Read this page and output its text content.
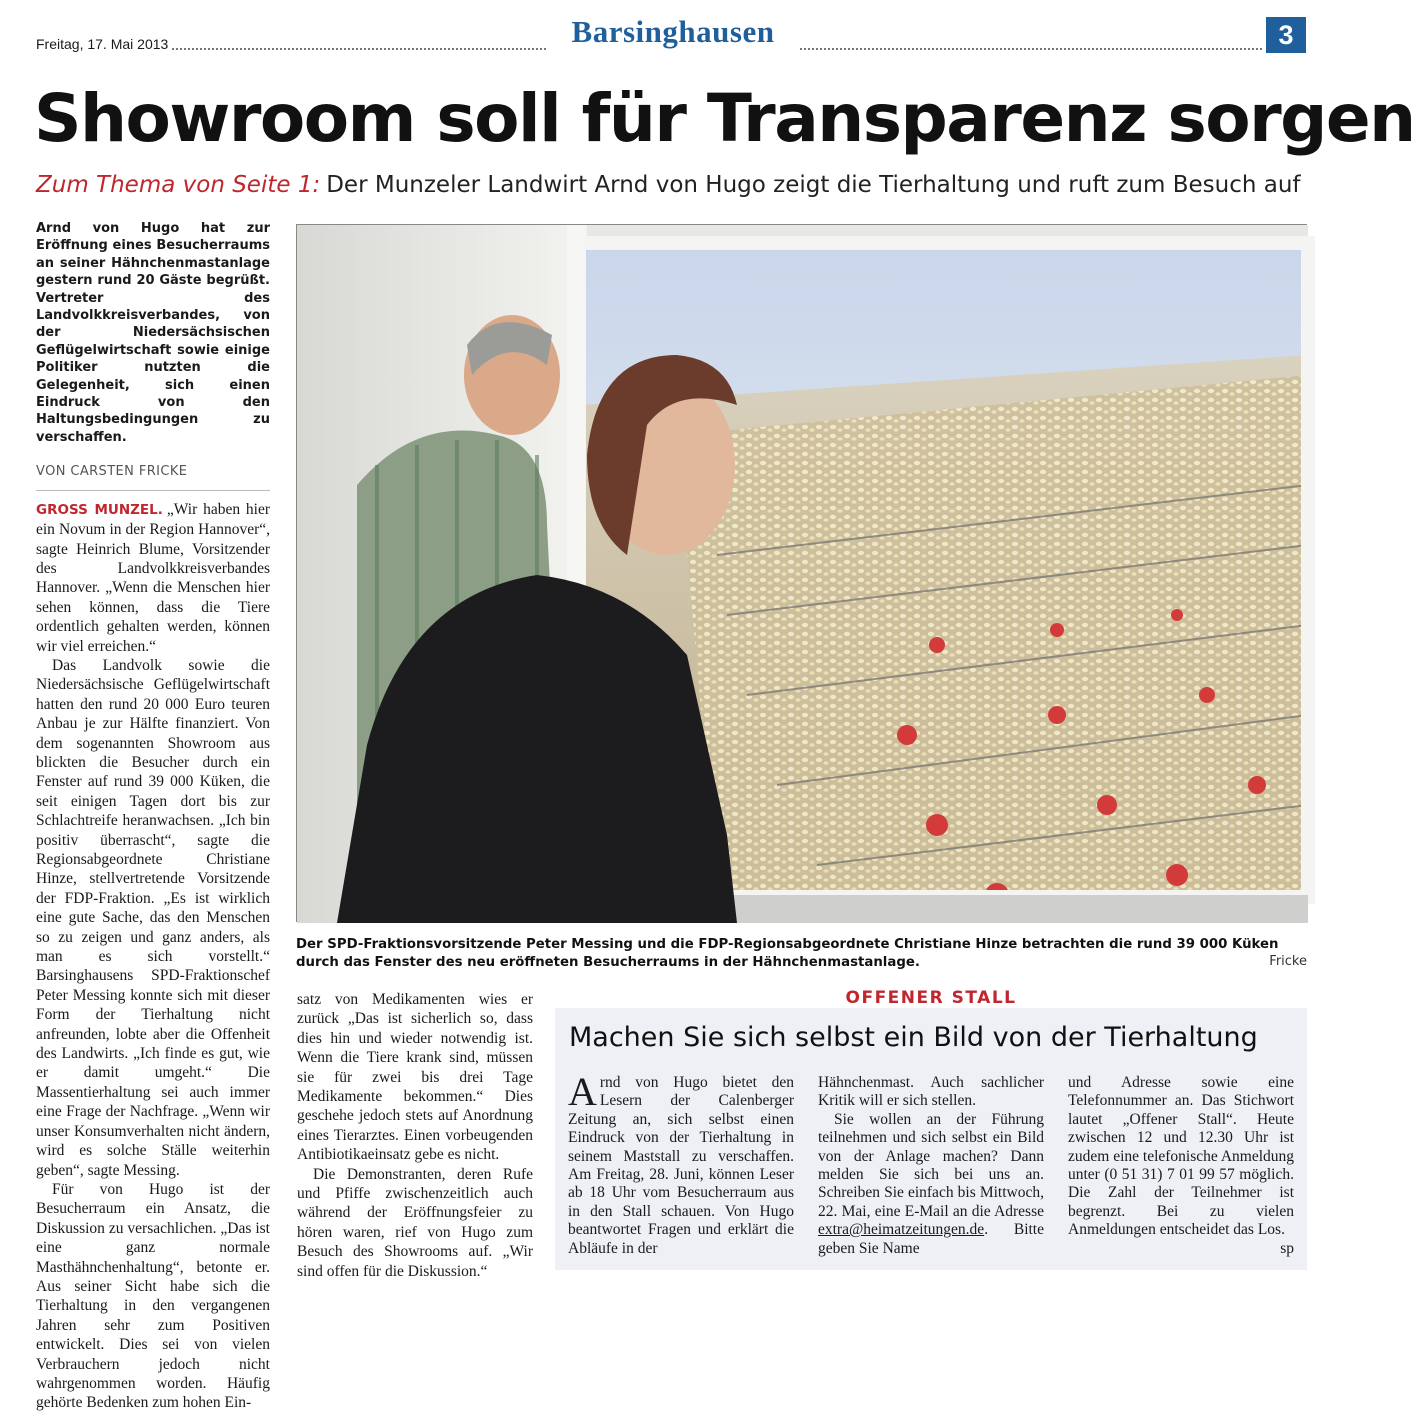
Freitag, 17. Mai 2013	Barsinghausen	3
Showroom soll für Transparenz sorgen
Zum Thema von Seite 1: Der Munzeler Landwirt Arnd von Hugo zeigt die Tierhaltung und ruft zum Besuch auf

Arnd von Hugo hat zur Eröffnung eines Besucherraums an seiner Hähnchenmastanlage gestern rund 20 Gäste begrüßt. Vertreter des Landvolkkreisverbandes, von der Niedersächsischen Geflügelwirtschaft sowie einige Politiker nutzten die Gelegenheit, sich einen Eindruck von den Haltungsbedingungen zu verschaffen.

VON CARSTEN FRICKE

GROSS MUNZEL. „Wir haben hier ein Novum in der Region Hannover“, sagte Heinrich Blume, Vorsitzender des Landvolkkreisverbandes Hannover. „Wenn die Menschen hier sehen können, dass die Tiere ordentlich gehalten werden, können wir viel erreichen.“

Das Landvolk sowie die Niedersächsische Geflügelwirtschaft hatten den rund 20 000 Euro teuren Anbau je zur Hälfte finanziert. Von dem sogenannten Showroom aus blickten die Besucher durch ein Fenster auf rund 39 000 Küken, die seit einigen Tagen dort bis zur Schlachtreife heranwachsen. „Ich bin positiv überrascht“, sagte die Regionsabgeordnete Christiane Hinze, stellvertretende Vorsitzende der FDP-Fraktion. „Es ist wirklich eine gute Sache, das den Menschen so zu zeigen und ganz anders, als man es sich vorstellt.“ Barsinghausens SPD-Fraktionschef Peter Messing konnte sich mit dieser Form der Tierhaltung nicht anfreunden, lobte aber die Offenheit des Landwirts. „Ich finde es gut, wie er damit umgeht.“ Die Massentierhaltung sei auch immer eine Frage der Nachfrage. „Wenn wir unser Konsumverhalten nicht ändern, wird es solche Ställe weiterhin geben“, sagte Messing.

Für von Hugo ist der Besucherraum ein Ansatz, die Diskussion zu versachlichen. „Das ist eine ganz normale Masthähnchenhaltung“, betonte er. Aus seiner Sicht habe sich die Tierhaltung in den vergangenen Jahren sehr zum Positiven entwickelt. Dies sei von vielen Verbrauchern jedoch nicht wahrgenommen worden. Häufig gehörte Bedenken zum hohen Ein-

Der SPD-Fraktionsvorsitzende Peter Messing und die FDP-Regionsabgeordnete Christiane Hinze betrachten die rund 39 000 Küken durch das Fenster des neu eröffneten Besucherraums in der Hähnchenmastanlage.	Fricke

satz von Medikamenten wies er zurück „Das ist sicherlich so, dass dies hin und wieder notwendig ist. Wenn die Tiere krank sind, müssen sie für zwei bis drei Tage Medikamente bekommen.“ Dies geschehe jedoch stets auf Anordnung eines Tierarztes. Einen vorbeugenden Antibiotikaeinsatz gebe es nicht.

Die Demonstranten, deren Rufe und Pfiffe zwischenzeitlich auch während der Eröffnungsfeier zu hören waren, rief von Hugo zum Besuch des Showrooms auf. „Wir sind offen für die Diskussion.“

OFFENER STALL
Machen Sie sich selbst ein Bild von der Tierhaltung
Arnd von Hugo bietet den Lesern der Calenberger Zeitung an, sich selbst einen Eindruck von der Tierhaltung in seinem Maststall zu verschaffen. Am Freitag, 28. Juni, können Leser ab 18 Uhr vom Besucherraum aus in den Stall schauen. Von Hugo beantwortet Fragen und erklärt die Abläufe in der

Hähnchenmast. Auch sachlicher Kritik will er sich stellen.

Sie wollen an der Führung teilnehmen und sich selbst ein Bild von der Anlage machen? Dann melden Sie sich bei uns an. Schreiben Sie einfach bis Mittwoch, 22. Mai, eine E-Mail an die Adresse extra@heimatzeitungen.de. Bitte geben Sie Name

und Adresse sowie eine Telefonnummer an. Das Stichwort lautet „Offener Stall“. Heute zwischen 12 und 12.30 Uhr ist zudem eine telefonische Anmeldung unter (0 51 31) 7 01 99 57 möglich. Die Zahl der Teilnehmer ist begrenzt. Bei zu vielen Anmeldungen entscheidet das Los.
sp
